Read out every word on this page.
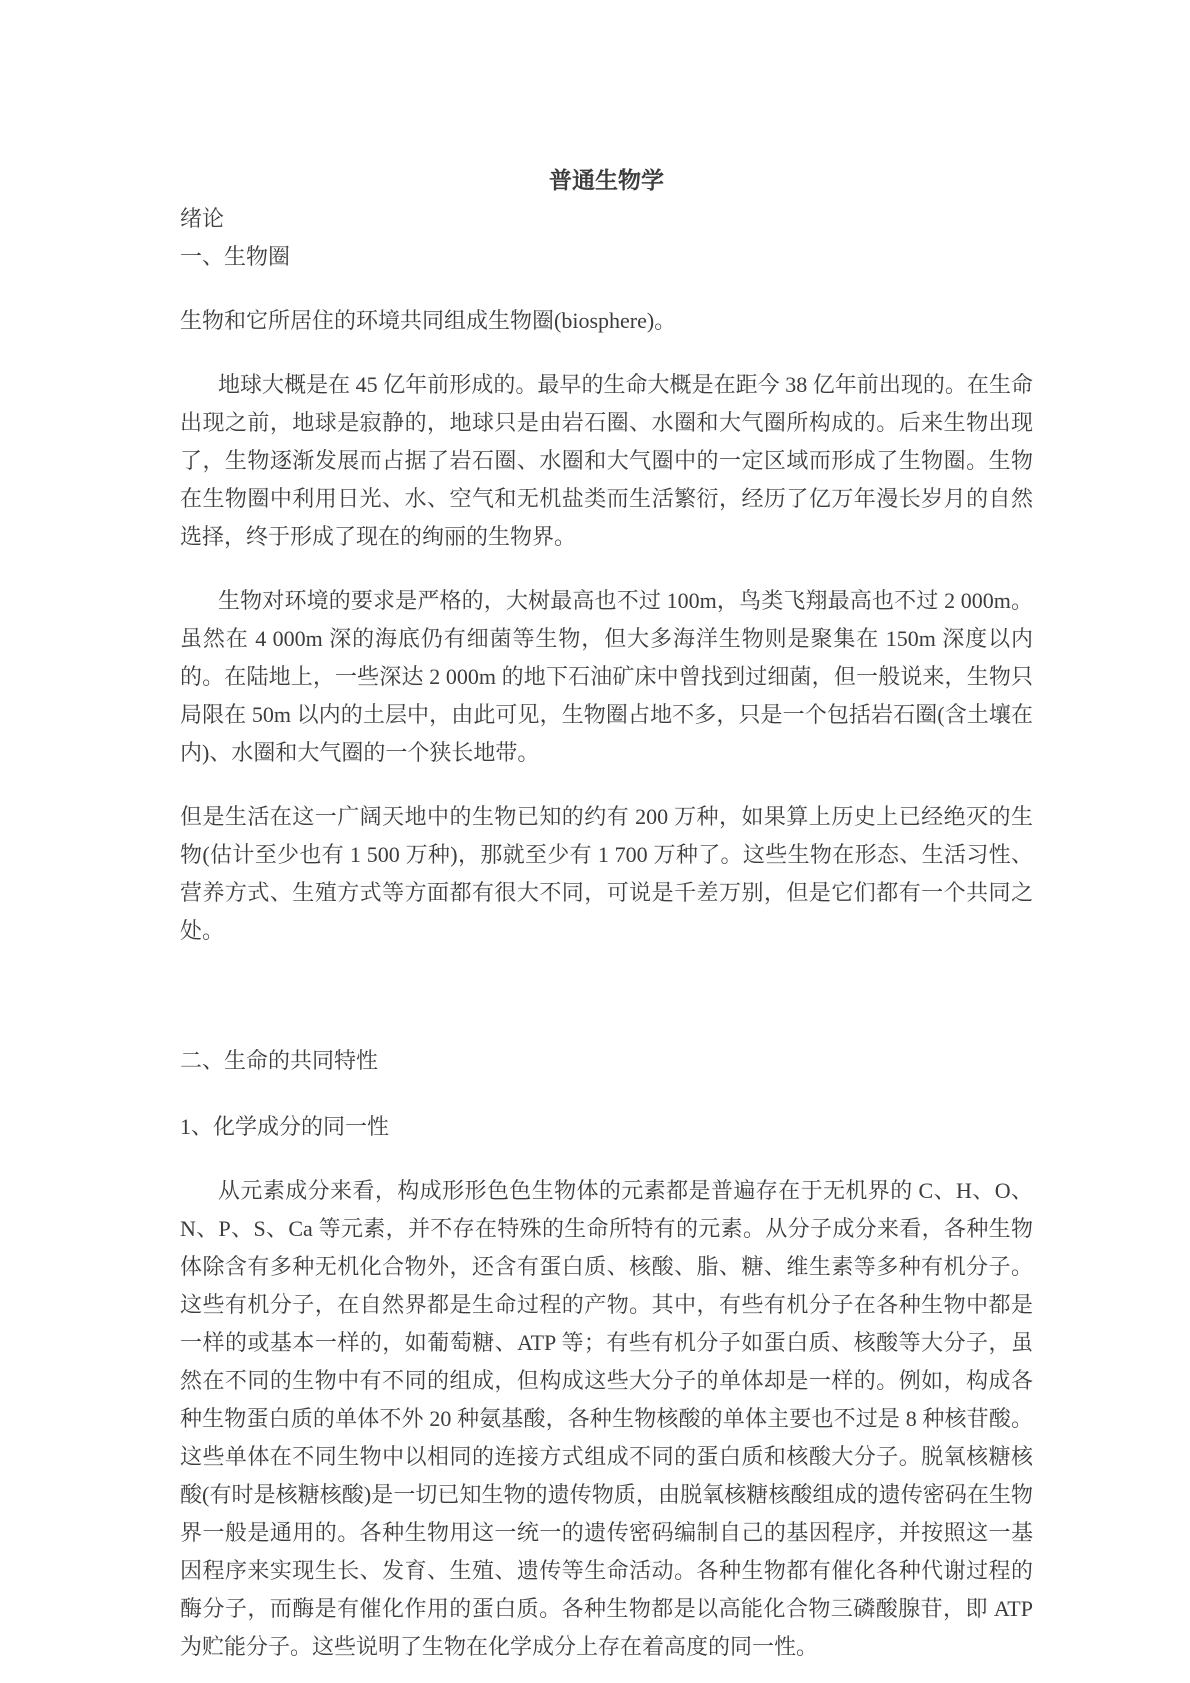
普通生物学

绪论

一、生物圈

生物和它所居住的环境共同组成生物圈(biosphere)。

地球大概是在 45 亿年前形成的。最早的生命大概是在距今 38 亿年前出现的。在生命出现之前，地球是寂静的，地球只是由岩石圈、水圈和大气圈所构成的。后来生物出现了，生物逐渐发展而占据了岩石圈、水圈和大气圈中的一定区域而形成了生物圈。生物在生物圈中利用日光、水、空气和无机盐类而生活繁衍，经历了亿万年漫长岁月的自然选择，终于形成了现在的绚丽的生物界。

生物对环境的要求是严格的，大树最高也不过 100m，鸟类飞翔最高也不过 2 000m。虽然在 4 000m 深的海底仍有细菌等生物，但大多海洋生物则是聚集在 150m 深度以内的。在陆地上，一些深达 2 000m 的地下石油矿床中曾找到过细菌，但一般说来，生物只局限在 50m 以内的土层中，由此可见，生物圈占地不多，只是一个包括岩石圈(含土壤在内)、水圈和大气圈的一个狭长地带。

但是生活在这一广阔天地中的生物已知的约有 200 万种，如果算上历史上已经绝灭的生物(估计至少也有 1 500 万种)，那就至少有 1 700 万种了。这些生物在形态、生活习性、营养方式、生殖方式等方面都有很大不同，可说是千差万别，但是它们都有一个共同之处。

二、生命的共同特性

1、化学成分的同一性

从元素成分来看，构成形形色色生物体的元素都是普遍存在于无机界的 C、H、O、N、P、S、Ca 等元素，并不存在特殊的生命所特有的元素。从分子成分来看，各种生物体除含有多种无机化合物外，还含有蛋白质、核酸、脂、糖、维生素等多种有机分子。这些有机分子，在自然界都是生命过程的产物。其中，有些有机分子在各种生物中都是一样的或基本一样的，如葡萄糖、ATP 等；有些有机分子如蛋白质、核酸等大分子，虽然在不同的生物中有不同的组成，但构成这些大分子的单体却是一样的。例如，构成各种生物蛋白质的单体不外 20 种氨基酸，各种生物核酸的单体主要也不过是 8 种核苷酸。这些单体在不同生物中以相同的连接方式组成不同的蛋白质和核酸大分子。脱氧核糖核酸(有时是核糖核酸)是一切已知生物的遗传物质，由脱氧核糖核酸组成的遗传密码在生物界一般是通用的。各种生物用这一统一的遗传密码编制自己的基因程序，并按照这一基因程序来实现生长、发育、生殖、遗传等生命活动。各种生物都有催化各种代谢过程的酶分子，而酶是有催化作用的蛋白质。各种生物都是以高能化合物三磷酸腺苷，即 ATP 为贮能分子。这些说明了生物在化学成分上存在着高度的同一性。
